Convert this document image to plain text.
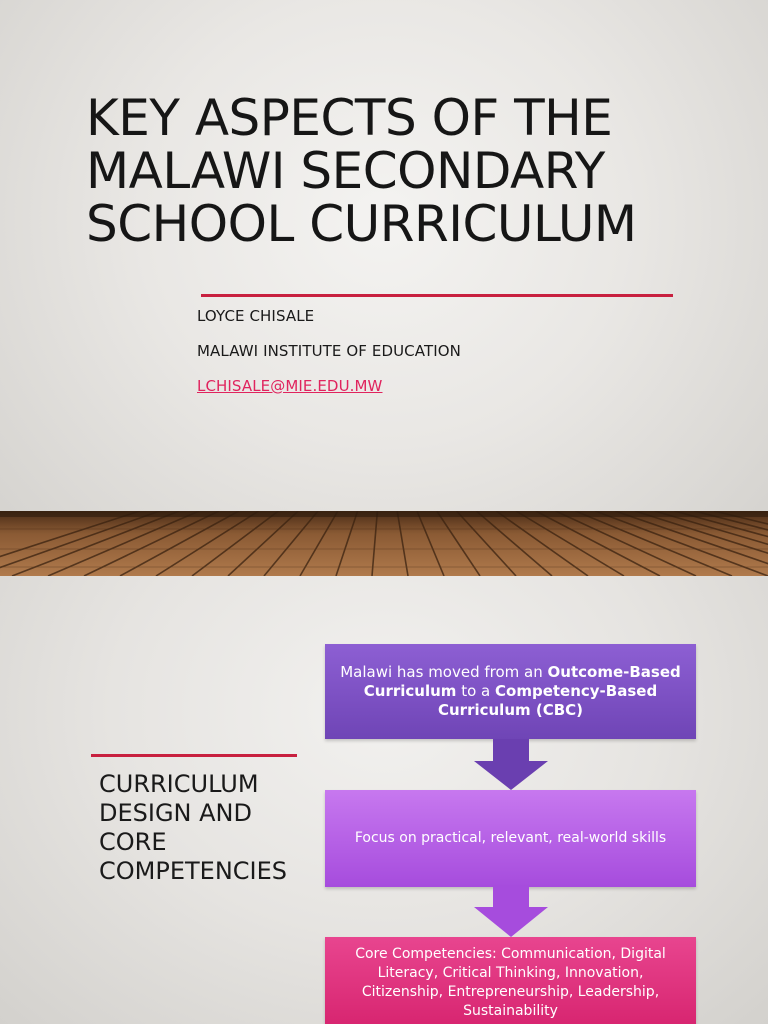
KEY ASPECTS OF THE
MALAWI SECONDARY
SCHOOL CURRICULUM
LOYCE CHISALE
MALAWI INSTITUTE OF EDUCATION
LCHISALE@MIE.EDU.MW
CURRICULUM
DESIGN AND
CORE
COMPETENCIES
Malawi has moved from an Outcome-Based Curriculum to a Competency-Based Curriculum (CBC)
Focus on practical, relevant, real-world skills
Core Competencies: Communication, Digital Literacy, Critical Thinking, Innovation, Citizenship, Entrepreneurship, Leadership, Sustainability
